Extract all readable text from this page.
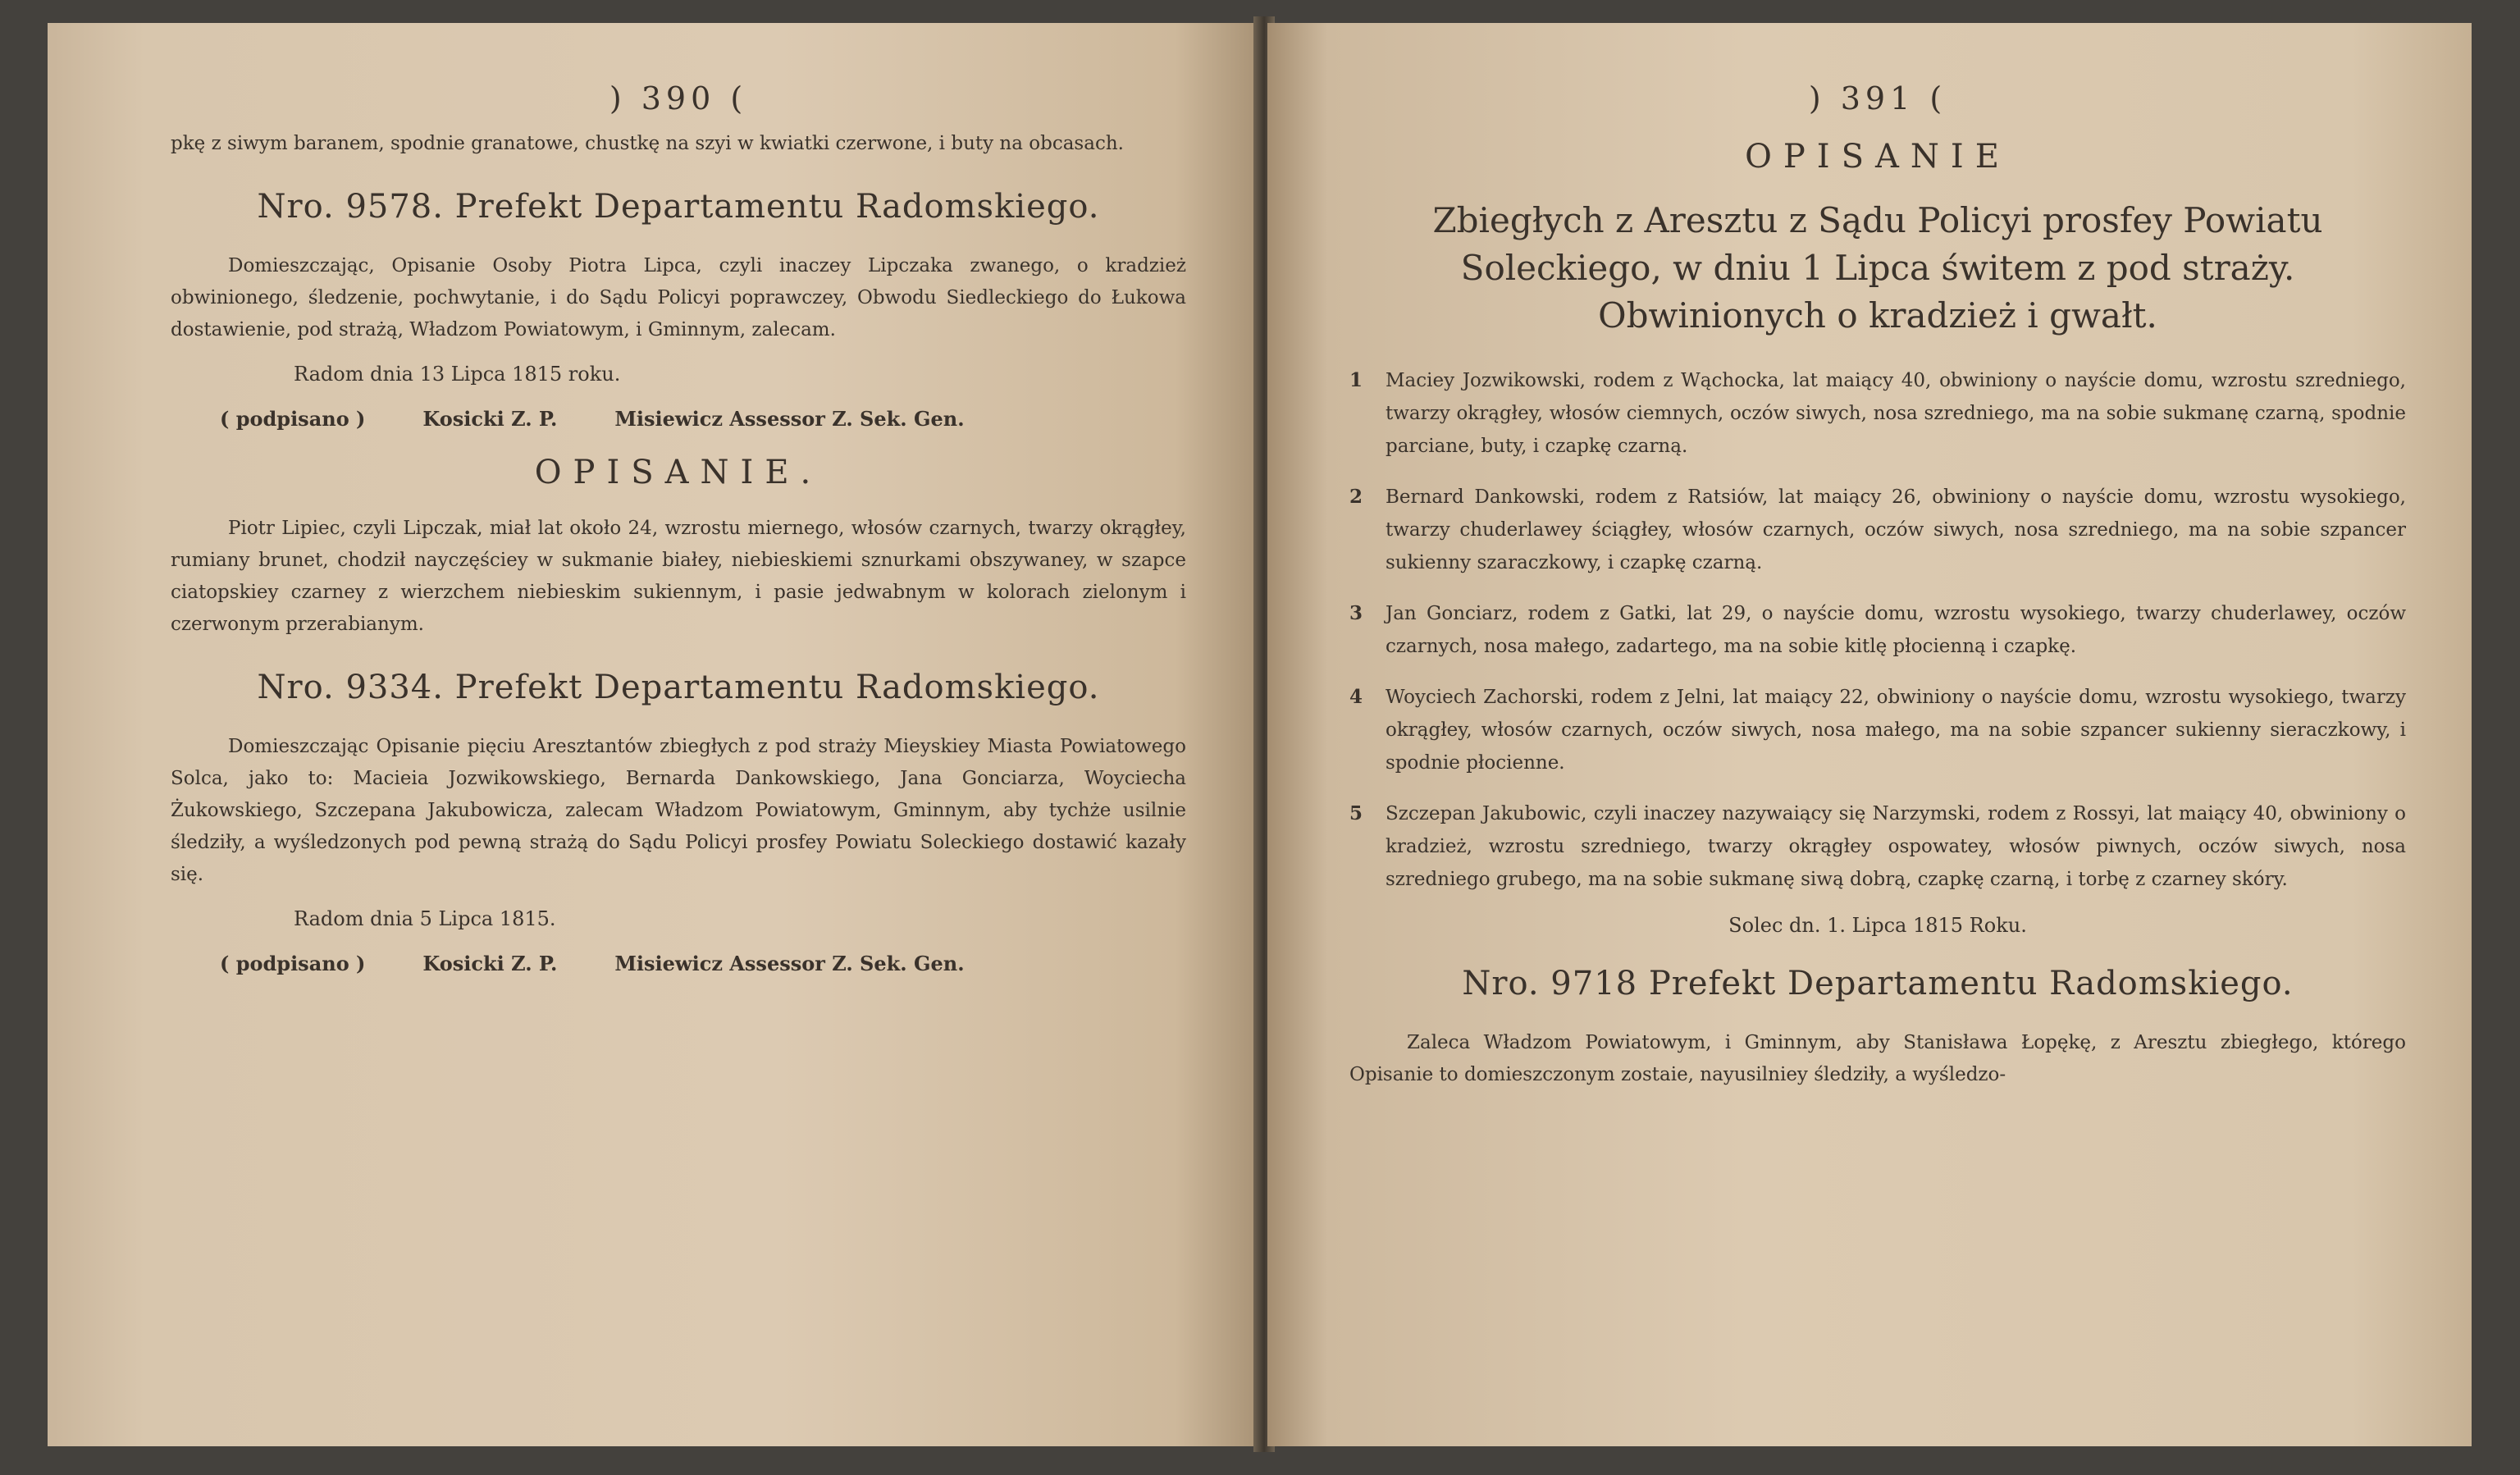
) 390 (
pkę z siwym baranem, spodnie granatowe, chustkę na szyi w kwiatki czerwone, i buty na obcasach.
Nro. 9578. Prefekt Departamentu Radomskiego.
Domieszczając, Opisanie Osoby Piotra Lipca, czyli inaczey Lipczaka zwanego, o kradzież obwinionego, śledzenie, pochwytanie, i do Sądu Policyi poprawczey, Obwodu Siedleckiego do Łukowa dostawienie, pod strażą, Władzom Powiatowym, i Gminnym, zalecam.
Radom dnia 13 Lipca 1815 roku.
( podpisano )	Kosicki Z. P.	Misiewicz Assessor Z. Sek. Gen.
OPISANIE.
Piotr Lipiec, czyli Lipczak, miał lat około 24, wzrostu miernego, włosów czarnych, twarzy okrągłey, rumiany brunet, chodził nayczęściey w sukmanie białey, niebieskiemi sznurkami obszywaney, w szapce ciatopskiey czarney z wierzchem niebieskim sukiennym, i pasie jedwabnym w kolorach zielonym i czerwonym przerabianym.
Nro. 9334. Prefekt Departamentu Radomskiego.
Domieszczając Opisanie pięciu Aresztantów zbiegłych z pod straży Mieyskiey Miasta Powiatowego Solca, jako to: Macieia Jozwikowskiego, Bernarda Dankowskiego, Jana Gonciarza, Woyciecha Żukowskiego, Szczepana Jakubowicza, zalecam Władzom Powiatowym, Gminnym, aby tychże usilnie śledziły, a wyśledzonych pod pewną strażą do Sądu Policyi prosfey Powiatu Soleckiego dostawić kazały się.
Radom dnia 5 Lipca 1815.
( podpisano )	Kosicki Z. P.	Misiewicz Assessor Z. Sek. Gen.
) 391 (
OPISANIE
Zbiegłych z Aresztu z Sądu Policyi prosfey Powiatu Soleckiego, w dniu 1 Lipca świtem z pod straży. Obwinionych o kradzież i gwałt.
1	Maciey Jozwikowski, rodem z Wąchocka, lat maiący 40, obwiniony o nayście domu, wzrostu szredniego, twarzy okrągłey, włosów ciemnych, oczów siwych, nosa szredniego, ma na sobie sukmanę czarną, spodnie parciane, buty, i czapkę czarną.
2	Bernard Dankowski, rodem z Ratsiów, lat maiący 26, obwiniony o nayście domu, wzrostu wysokiego, twarzy chuderlawey ściągłey, włosów czarnych, oczów siwych, nosa szredniego, ma na sobie szpancer sukienny szaraczkowy, i czapkę czarną.
3	Jan Gonciarz, rodem z Gatki, lat 29, o nayście domu, wzrostu wysokiego, twarzy chuderlawey, oczów czarnych, nosa małego, zadartego, ma na sobie kitlę płocienną i czapkę.
4	Woyciech Zachorski, rodem z Jelni, lat maiący 22, obwiniony o nayście domu, wzrostu wysokiego, twarzy okrągłey, włosów czarnych, oczów siwych, nosa małego, ma na sobie szpancer sukienny sieraczkowy, i spodnie płocienne.
5	Szczepan Jakubowic, czyli inaczey nazywaiący się Narzymski, rodem z Rossyi, lat maiący 40, obwiniony o kradzież, wzrostu szredniego, twarzy okrągłey ospowatey, włosów piwnych, oczów siwych, nosa szredniego grubego, ma na sobie sukmanę siwą dobrą, czapkę czarną, i torbę z czarney skóry.
Solec dn. 1. Lipca 1815 Roku.
Nro. 9718 Prefekt Departamentu Radomskiego.
Zaleca Władzom Powiatowym, i Gminnym, aby Stanisława Łopękę, z Aresztu zbiegłego, którego Opisanie to domieszczonym zostaie, nayusilniey śledziły, a wyśledzo-
